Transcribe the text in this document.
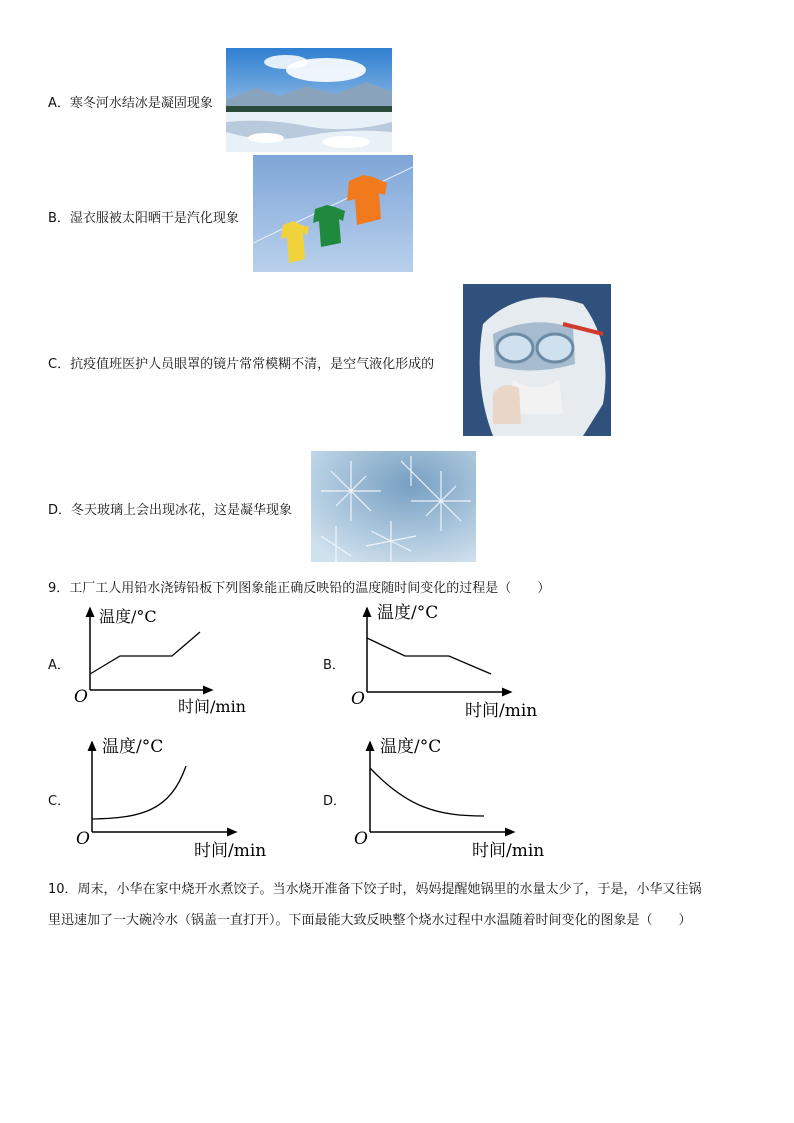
A．寒冬河水结冰是凝固现象
B．湿衣服被太阳晒干是汽化现象
C．抗疫值班医护人员眼罩的镜片常常模糊不清，是空气液化形成的
D．冬天玻璃上会出现冰花，这是凝华现象
9．工厂工人用铅水浇铸铅板下列图象能正确反映铅的温度随时间变化的过程是（　　）
A．
温度/°C
O	时间/min
B．
温度/°C
O
时间/min
C．
温度/°C
O
时间/min
D．
温度/°C
O
时间/min
10．周末，小华在家中烧开水煮饺子。当水烧开准备下饺子时，妈妈提醒她锅里的水量太少了，于是，小华又往锅
里迅速加了一大碗冷水（锅盖一直打开）。下面最能大致反映整个烧水过程中水温随着时间变化的图象是（　　）
